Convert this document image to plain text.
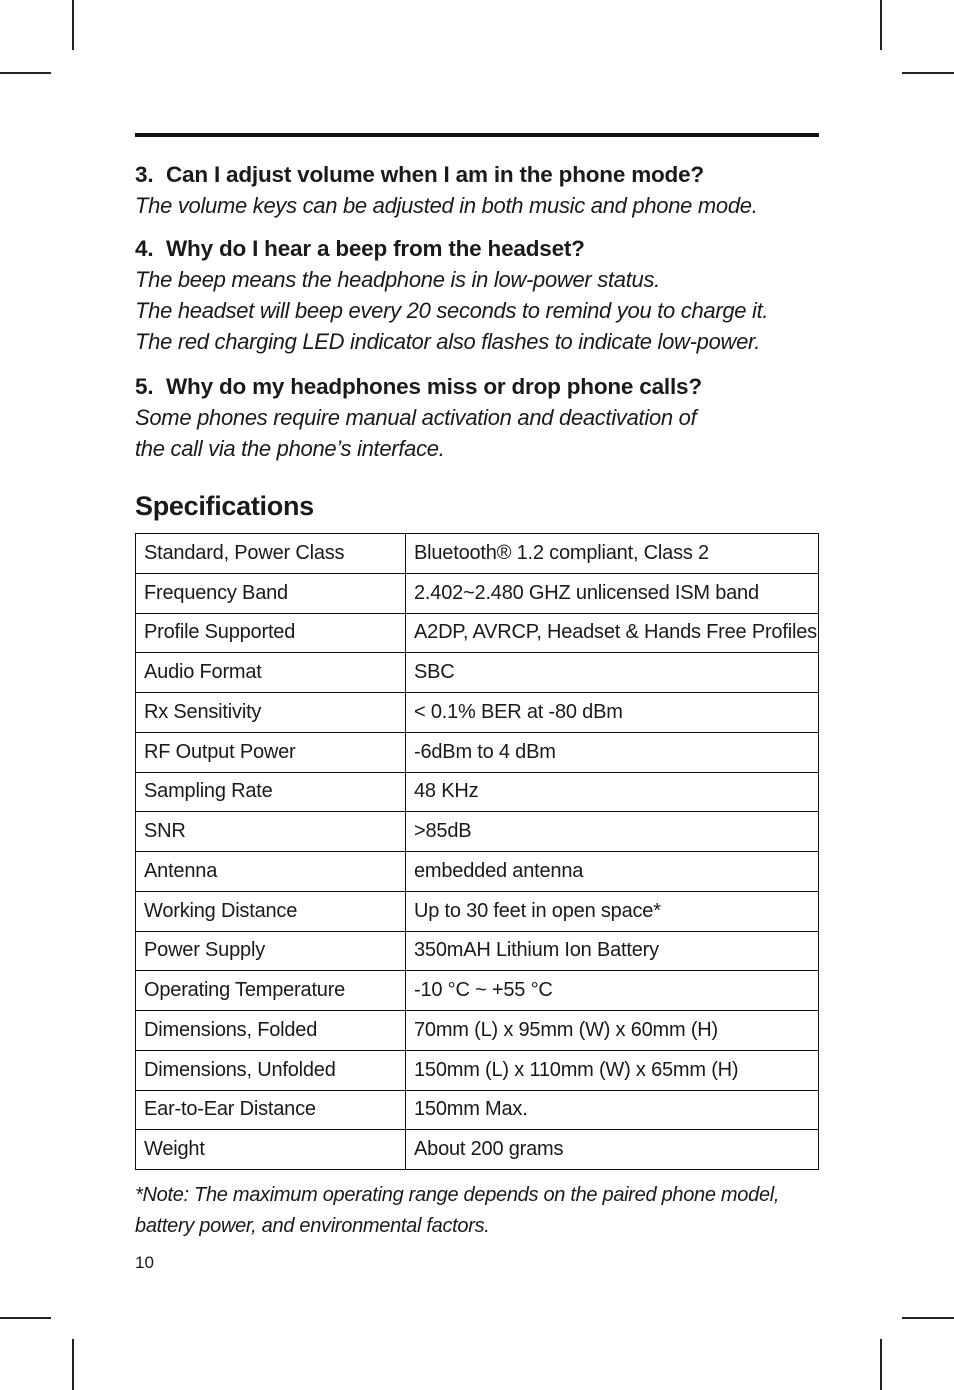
3. Can I adjust volume when I am in the phone mode?

The volume keys can be adjusted in both music and phone mode.

4. Why do I hear a beep from the headset?

The beep means the headphone is in low-power status.

The headset will beep every 20 seconds to remind you to charge it.

The red charging LED indicator also flashes to indicate low-power.

5. Why do my headphones miss or drop phone calls?

Some phones require manual activation and deactivation of

the call via the phone’s interface.

Specifications
Standard, Power Class	Bluetooth® 1.2 compliant, Class 2
Frequency Band	2.402~2.480 GHZ unlicensed ISM band
Profile Supported	A2DP, AVRCP, Headset & Hands Free Profiles
Audio Format	SBC
Rx Sensitivity	< 0.1% BER at -80 dBm
RF Output Power	-6dBm to 4 dBm
Sampling Rate	48 KHz
SNR	>85dB
Antenna	embedded antenna
Working Distance	Up to 30 feet in open space*
Power Supply	350mAH Lithium Ion Battery
Operating Temperature	-10 °C ~ +55 °C
Dimensions, Folded	70mm (L) x 95mm (W) x 60mm (H)
Dimensions, Unfolded	150mm (L) x 110mm (W) x 65mm (H)
Ear-to-Ear Distance	150mm Max.
Weight	About 200 grams
*Note: The maximum operating range depends on the paired phone model,
battery power, and environmental factors.

10
